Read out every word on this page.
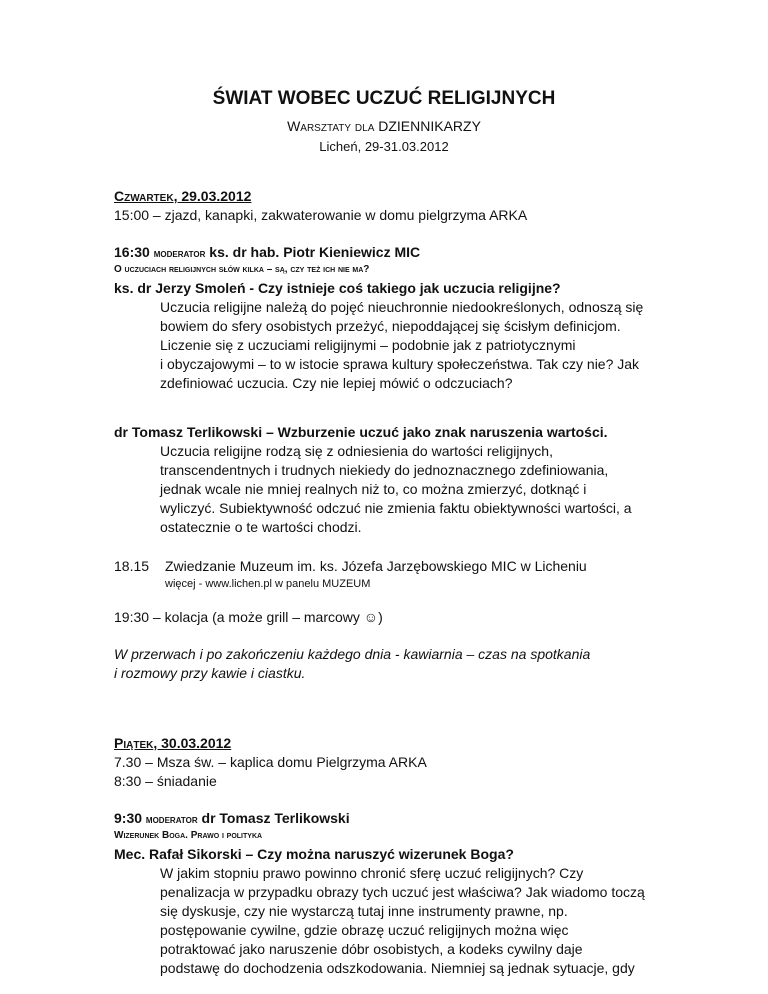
ŚWIAT WOBEC UCZUĆ RELIGIJNYCH
Warsztaty dla DZIENNIKARZY
Licheń, 29-31.03.2012
Czwartek, 29.03.2012
15:00 – zjazd, kanapki, zakwaterowanie w domu pielgrzyma ARKA
16:30 moderator ks. dr hab. Piotr Kieniewicz MIC
O uczuciach religijnych słów kilka – są, czy też ich nie ma?
ks. dr Jerzy Smoleń - Czy istnieje coś takiego jak uczucia religijne?
Uczucia religijne należą do pojęć nieuchronnie niedookreślonych, odnoszą się
bowiem do sfery osobistych przeżyć, niepoddającej się ścisłym definicjom.
Liczenie się z uczuciami religijnymi – podobnie jak z patriotycznymi
i obyczajowymi – to w istocie sprawa kultury społeczeństwa. Tak czy nie? Jak
zdefiniować uczucia. Czy nie lepiej mówić o odczuciach?
dr Tomasz Terlikowski – Wzburzenie uczuć jako znak naruszenia wartości.
Uczucia religijne rodzą się z odniesienia do wartości religijnych,
transcendentnych i trudnych niekiedy do jednoznacznego zdefiniowania,
jednak wcale nie mniej realnych niż to, co można zmierzyć, dotknąć i
wyliczyć. Subiektywność odczuć nie zmienia faktu obiektywności wartości, a
ostatecznie o te wartości chodzi.
18.15 Zwiedzanie Muzeum im. ks. Józefa Jarzębowskiego MIC w Licheniu
więcej - www.lichen.pl w panelu MUZEUM
19:30 – kolacja (a może grill – marcowy ☺)
W przerwach i po zakończeniu każdego dnia - kawiarnia – czas na spotkania
i rozmowy przy kawie i ciastku.
Piątek, 30.03.2012
7.30 – Msza św. – kaplica domu Pielgrzyma ARKA
8:30 – śniadanie
9:30 moderator dr Tomasz Terlikowski
Wizerunek Boga. Prawo i polityka
Mec. Rafał Sikorski – Czy można naruszyć wizerunek Boga?
W jakim stopniu prawo powinno chronić sferę uczuć religijnych? Czy
penalizacja w przypadku obrazy tych uczuć jest właściwa? Jak wiadomo toczą
się dyskusje, czy nie wystarczą tutaj inne instrumenty prawne, np.
postępowanie cywilne, gdzie obrazę uczuć religijnych można więc
potraktować jako naruszenie dóbr osobistych, a kodeks cywilny daje
podstawę do dochodzenia odszkodowania. Niemniej są jednak sytuacje, gdy
